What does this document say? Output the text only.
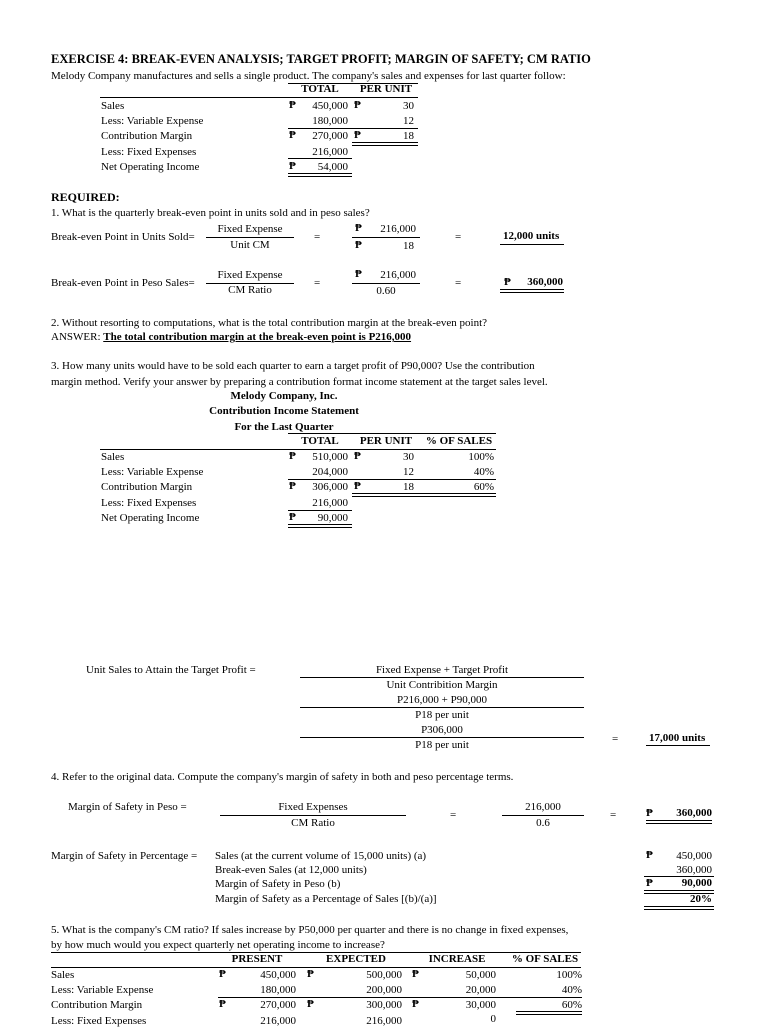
EXERCISE 4: BREAK-EVEN ANALYSIS; TARGET PROFIT; MARGIN OF SAFETY; CM RATIO
Melody Company manufactures and sells a single product. The company's sales and expenses for last quarter follow:
TOTAL	PER UNIT
Sales	₱	450,000 ₱	30
Less: Variable Expense	180,000	12
Contribution Margin	₱	270,000 ₱	18
Less: Fixed Expenses	216,000
Net Operating Income	₱	54,000
REQUIRED:
1. What is the quarterly break-even point in units sold and in peso sales?
Break-even Point in Units Sold=
Fixed Expense
Unit CM
=
₱	216,000
₱	18
=	12,000 units
Break-even Point in Peso Sales=
Fixed Expense
CM Ratio
=
₱	216,000
0.60
=	₱	360,000
2. Without resorting to computations, what is the total contribution margin at the break-even point?
ANSWER: The total contribution margin at the break-even point is P216,000
3. How many units would have to be sold each quarter to earn a target profit of P90,000? Use the contribution
margin method. Verify your answer by preparing a contribution format income statement at the target sales level.
Melody Company, Inc.
Contribution Income Statement
For the Last Quarter
TOTAL	PER UNIT	% OF SALES
Sales	₱	510,000 ₱	30	100%
Less: Variable Expense	204,000	12	40%
Contribution Margin	₱	306,000 ₱	18	60%
Less: Fixed Expenses	216,000
Net Operating Income	₱	90,000
Unit Sales to Attain the Target Profit =	Fixed Expense + Target Profit
Unit Contribition Margin
P216,000 + P90,000
P18 per unit
P306,000
P18 per unit	=	17,000 units
4. Refer to the original data. Compute the company's margin of safety in both and peso percentage terms.
Margin of Safety in Peso =	Fixed Expenses
CM Ratio
=
216,000
0.6
=	₱	360,000
Margin of Safety in Percentage = Sales (at the current volume of 15,000 units) (a)
Break-even Sales (at 12,000 units)
Margin of Safety in Peso (b)
Margin of Safety as a Percentage of Sales [(b)/(a)]
₱	450,000
360,000
₱	90,000
20%
5. What is the company's CM ratio? If sales increase by P50,000 per quarter and there is no change in fixed expenses,
by how much would you expect quarterly net operating income to increase?
PRESENT	EXPECTED	INCREASE	% OF SALES
Sales	₱	450,000 ₱	500,000 ₱	50,000	100%
Less: Variable Expense	180,000	200,000	20,000	40%
Contribution Margin	₱	270,000 ₱	300,000 ₱	30,000	60%
Less: Fixed Expenses	216,000	216,000	0
